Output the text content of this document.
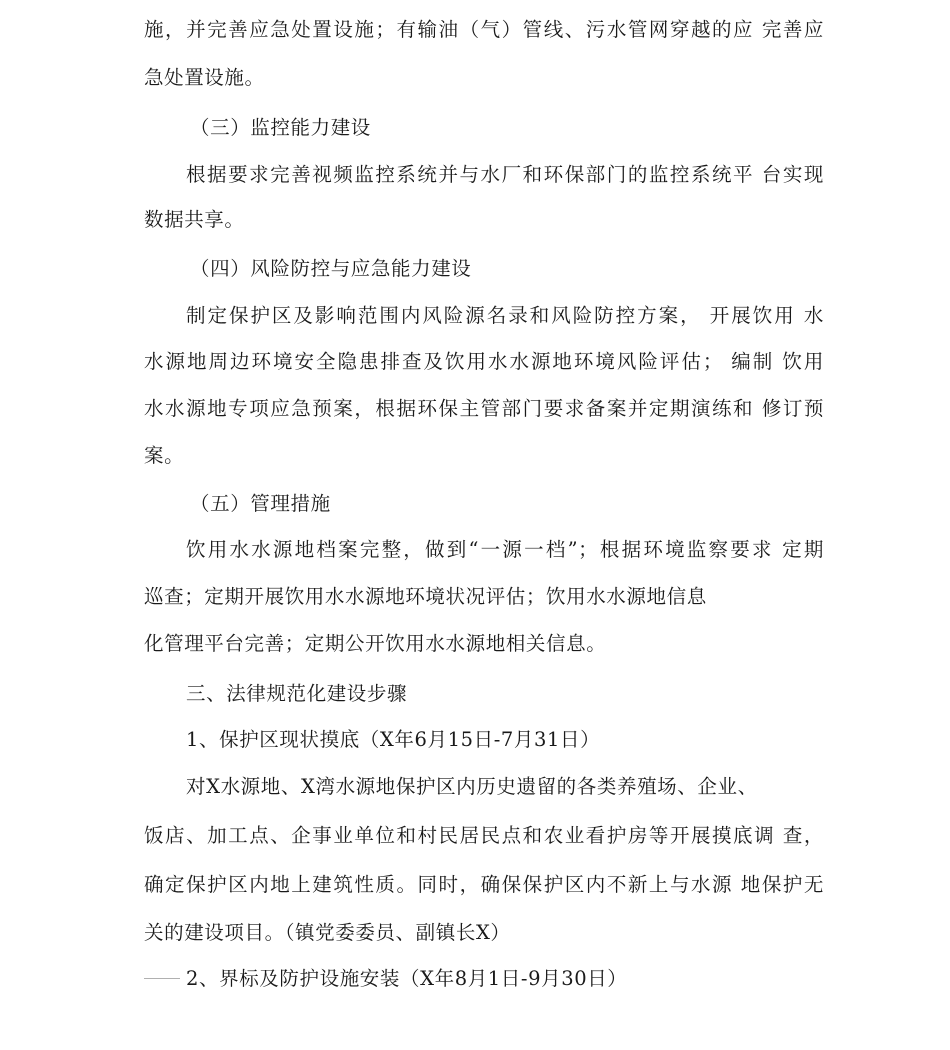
施，并完善应急处置设施；有输油（气）管线、污水管网穿越的应 完善应
急处置设施。
（三）监控能力建设
根据要求完善视频监控系统并与水厂和环保部门的监控系统平 台实现
数据共享。
（四）风险防控与应急能力建设
制定保护区及影响范围内风险源名录和风险防控方案， 开展饮用 水
水源地周边环境安全隐患排查及饮用水水源地环境风险评估； 编制 饮用
水水源地专项应急预案，根据环保主管部门要求备案并定期演练和 修订预
案。
（五）管理措施
饮用水水源地档案完整，做到“一源一档”；根据环境监察要求 定期
巡查；定期开展饮用水水源地环境状况评估；饮用水水源地信息
化管理平台完善；定期公开饮用水水源地相关信息。
三、法律规范化建设步骤
1、保护区现状摸底（X年6月15日-7月31日）
对X水源地、X湾水源地保护区内历史遗留的各类养殖场、企业、
饭店、加工点、企事业单位和村民居民点和农业看护房等开展摸底调 查，
确定保护区内地上建筑性质。同时，确保保护区内不新上与水源 地保护无
关的建设项目。（镇党委委员、副镇长X）
2、界标及防护设施安装（X年8月1日-9月30日）
